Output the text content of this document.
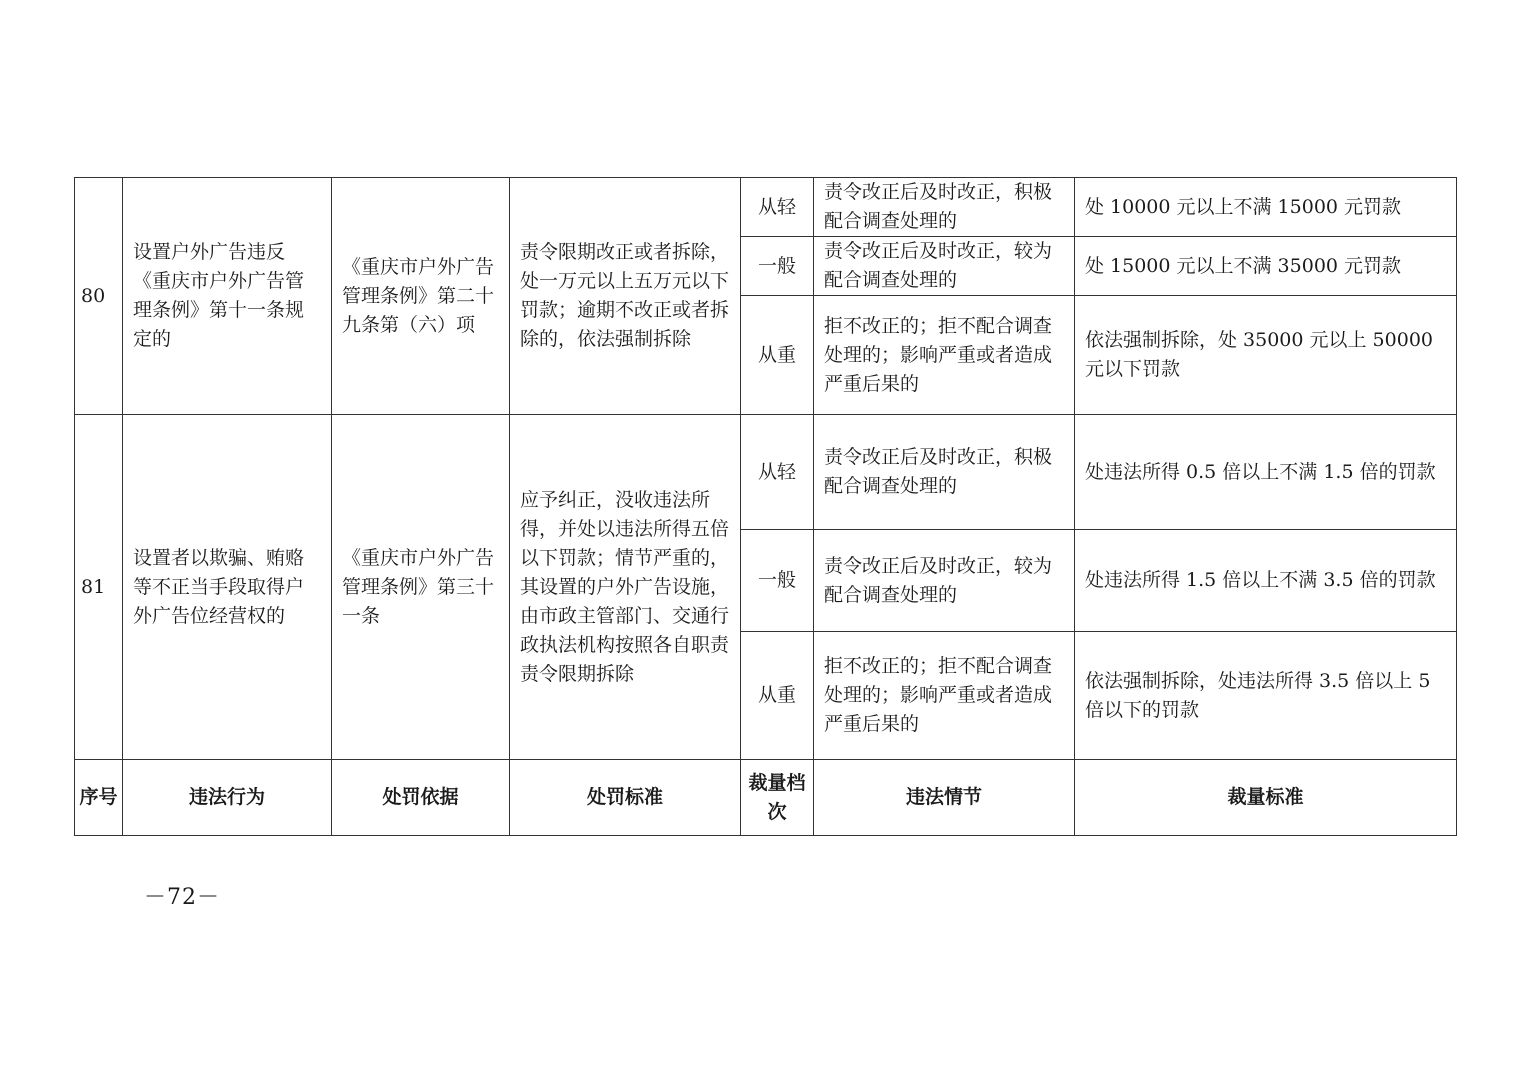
80	设置户外广告违反《重庆市户外广告管理条例》第十一条规定的	《重庆市户外广告管理条例》第二十九条第（六）项	责令限期改正或者拆除，处一万元以上五万元以下罚款；逾期不改正或者拆除的，依法强制拆除	从轻	责令改正后及时改正，积极配合调查处理的	处 10000 元以上不满 15000 元罚款
				一般	责令改正后及时改正，较为配合调查处理的	处 15000 元以上不满 35000 元罚款
				从重	拒不改正的；拒不配合调查处理的；影响严重或者造成严重后果的	依法强制拆除，处 35000 元以上 50000 元以下罚款
81	设置者以欺骗、贿赂等不正当手段取得户外广告位经营权的	《重庆市户外广告管理条例》第三十一条	应予纠正，没收违法所得，并处以违法所得五倍以下罚款；情节严重的，其设置的户外广告设施，由市政主管部门、交通行政执法机构按照各自职责责令限期拆除	从轻	责令改正后及时改正，积极配合调查处理的	处违法所得 0.5 倍以上不满 1.5 倍的罚款
				一般	责令改正后及时改正，较为配合调查处理的	处违法所得 1.5 倍以上不满 3.5 倍的罚款
				从重	拒不改正的；拒不配合调查处理的；影响严重或者造成严重后果的	依法强制拆除，处违法所得 3.5 倍以上 5 倍以下的罚款
序号	违法行为	处罚依据	处罚标准	裁量档次	违法情节	裁量标准
－72－
